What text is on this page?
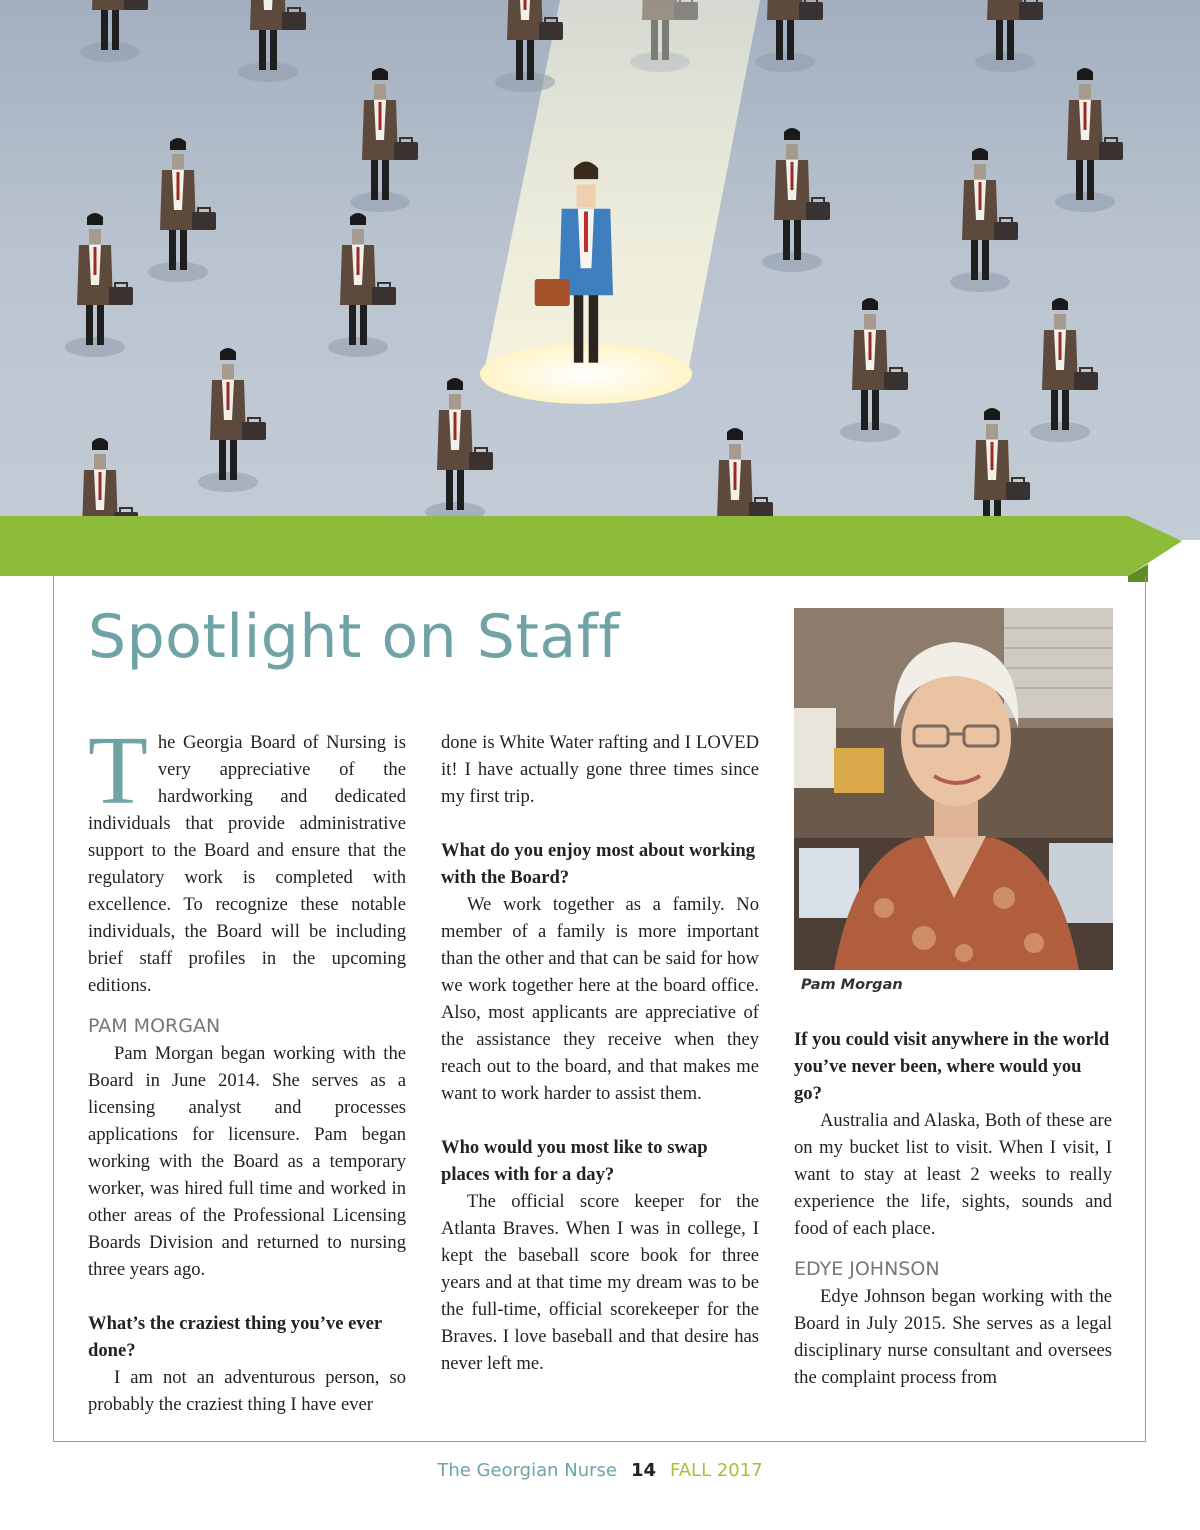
Spotlight on Staff

The Georgia Board of Nursing is very appreciative of the hardworking and dedicated individuals that provide administrative support to the Board and ensure that the regulatory work is completed with excellence. To recognize these notable individuals, the Board will be including brief staff profiles in the upcoming editions.

PAM MORGAN

Pam Morgan began working with the Board in June 2014. She serves as a licensing analyst and processes applications for licensure. Pam began working with the Board as a temporary worker, was hired full time and worked in other areas of the Professional Licensing Boards Division and returned to nursing three years ago.

What’s the craziest thing you’ve ever done?

I am not an adventurous person, so probably the craziest thing I have ever

done is White Water rafting and I LOVED it! I have actually gone three times since my first trip.

What do you enjoy most about working with the Board?

We work together as a family. No member of a family is more important than the other and that can be said for how we work together here at the board office. Also, most applicants are appreciative of the assistance they receive when they reach out to the board, and that makes me want to work harder to assist them.

Who would you most like to swap places with for a day?

The official score keeper for the Atlanta Braves. When I was in college, I kept the baseball score book for three years and at that time my dream was to be the full-time, official scorekeeper for the Braves. I love baseball and that desire has never left me.

Pam Morgan

If you could visit anywhere in the world you’ve never been, where would you go?

Australia and Alaska, Both of these are on my bucket list to visit. When I visit, I want to stay at least 2 weeks to really experience the life, sights, sounds and food of each place.

EDYE JOHNSON

Edye Johnson began working with the Board in July 2015. She serves as a legal disciplinary nurse consultant and oversees the complaint process from

The Georgian Nurse 14 FALL 2017
